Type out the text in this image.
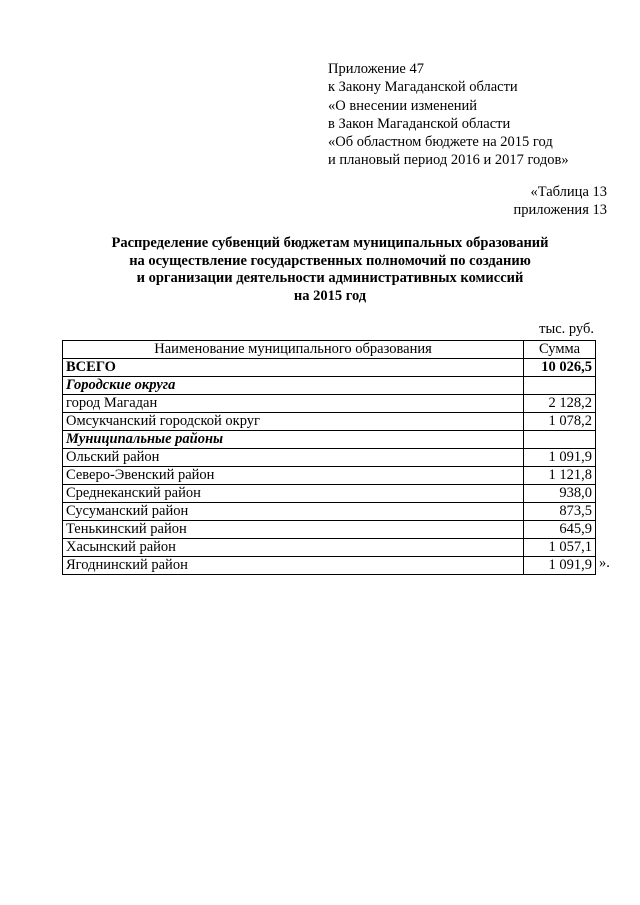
Приложение 47
к Закону Магаданской области
«О внесении изменений
в Закон Магаданской области
«Об областном бюджете на 2015 год
и плановый период 2016 и 2017 годов»
«Таблица 13
приложения 13
Распределение субвенций бюджетам муниципальных образований
на осуществление государственных полномочий по созданию
и организации деятельности административных комиссий
на 2015 год
тыс. руб.
Наименование муниципального образования	Сумма
ВСЕГО	10 026,5
Городские округа	
город Магадан	2 128,2
Омсукчанский городской округ	1 078,2
Муниципальные районы	
Ольский район	1 091,9
Северо-Эвенский район	1 121,8
Среднеканский район	938,0
Сусуманский район	873,5
Тенькинский район	645,9
Хасынский район	1 057,1
Ягоднинский район	1 091,9 ».
